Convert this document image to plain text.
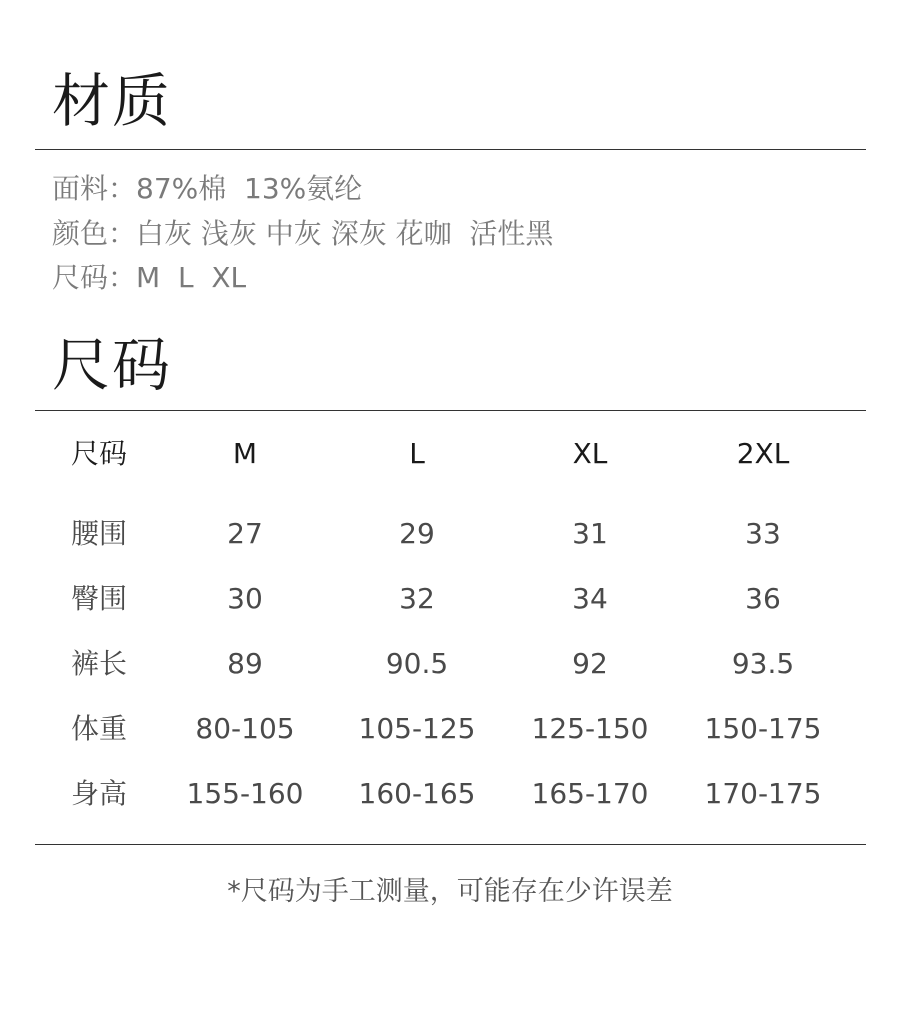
材质
面料：87%棉  13%氨纶
颜色：白灰 浅灰 中灰 深灰 花咖  活性黑
尺码：M  L  XL
尺码
尺码	M	L	XL	2XL
腰围	27	29	31	33
臀围	30	32	34	36
裤长	89	90.5	92	93.5
体重 80-105 105-125 125-150 150-175
身高 155-160 160-165 165-170 170-175
*尺码为手工测量，可能存在少许误差
